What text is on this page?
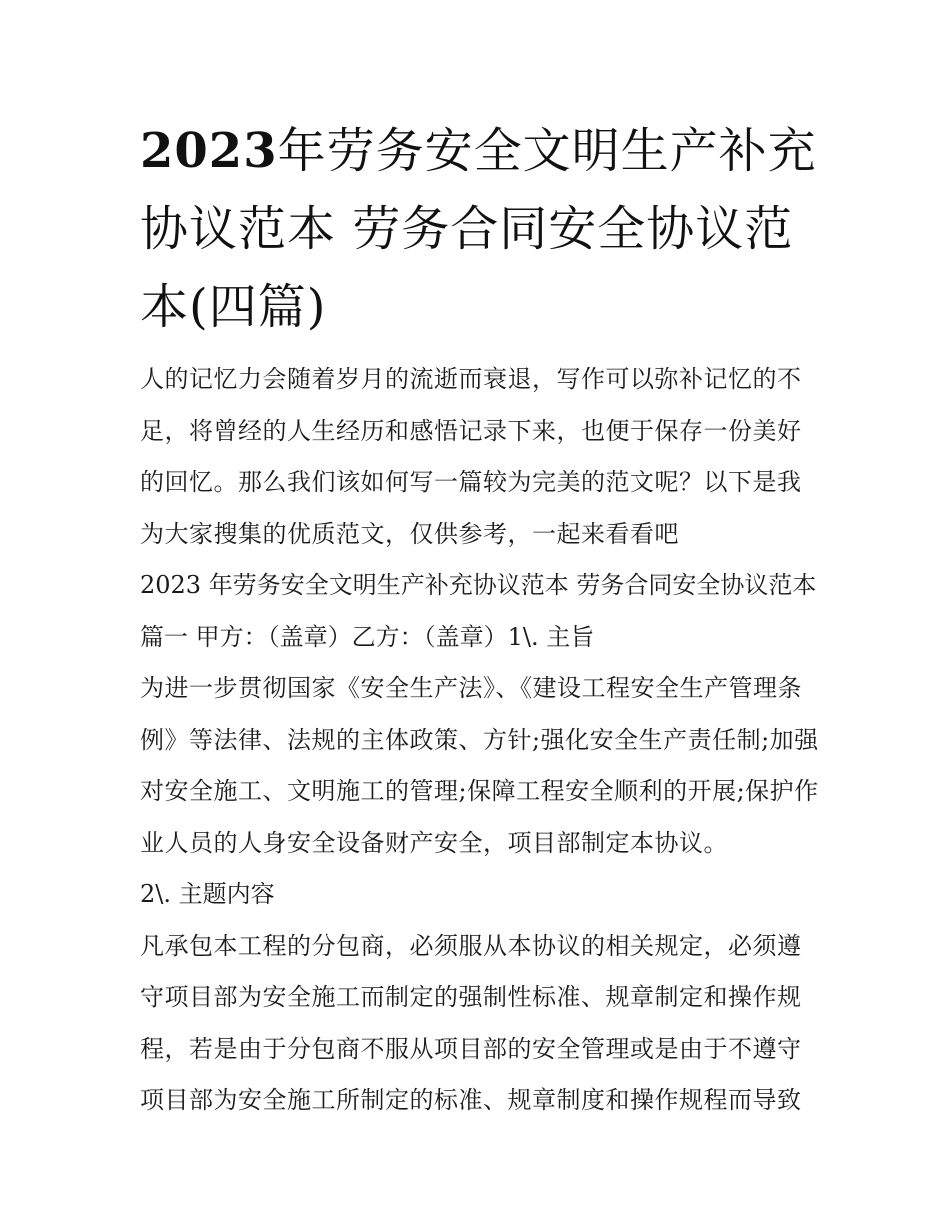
2023年劳务安全文明生产补充协议范本 劳务合同安全协议范本(四篇)

人的记忆力会随着岁月的流逝而衰退，写作可以弥补记忆的不足，将曾经的人生经历和感悟记录下来，也便于保存一份美好的回忆。那么我们该如何写一篇较为完美的范文呢？以下是我为大家搜集的优质范文，仅供参考，一起来看看吧

2023 年劳务安全文明生产补充协议范本 劳务合同安全协议范本篇一 甲方：（盖章）乙方：（盖章）1\. 主旨

为进一步贯彻国家《安全生产法》、《建设工程安全生产管理条例》等法律、法规的主体政策、方针;强化安全生产责任制;加强对安全施工、文明施工的管理;保障工程安全顺利的开展;保护作业人员的人身安全设备财产安全，项目部制定本协议。

2\. 主题内容

凡承包本工程的分包商，必须服从本协议的相关规定，必须遵守项目部为安全施工而制定的强制性标准、规章制定和操作规程，若是由于分包商不服从项目部的安全管理或是由于不遵守项目部为安全施工所制定的标准、规章制度和操作规程而导致
